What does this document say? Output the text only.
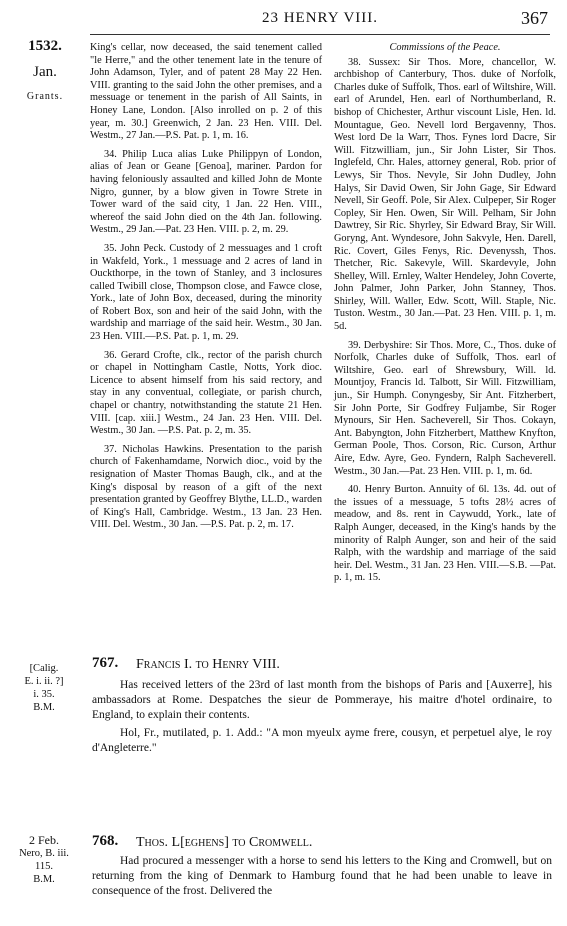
23 HENRY VIII.	367
1532.
Jan.
Grants.

King's cellar, now deceased, the said tenement called "le Herre," and the other tenement late in the tenure of John Adamson, Tyler, and of patent 28 May 22 Hen. VIII. granting to the said John the other premises, and a messuage or tenement in the parish of All Saints, in Honey Lane, London. [Also inrolled on p. 2 of this year, m. 30.] Greenwich, 2 Jan. 23 Hen. VIII. Del. Westm., 27 Jan.—P.S. Pat. p. 1, m. 16.

34. Philip Luca alias Luke Philippyn of London, alias of Jean or Geane [Genoa], mariner. Pardon for having feloniously assaulted and killed John de Monte Nigro, gunner, by a blow given in Towre Strete in Tower ward of the said city, 1 Jan. 22 Hen. VIII., whereof the said John died on the 4th Jan. following. Westm., 29 Jan.—Pat. 23 Hen. VIII. p. 2, m. 29.

35. John Peck. Custody of 2 messuages and 1 croft in Wakfeld, York., 1 messuage and 2 acres of land in Ouckthorpe, in the town of Stanley, and 3 inclosures called Twibill close, Thompson close, and Fawce close, York., late of John Box, deceased, during the minority of Robert Box, son and heir of the said John, with the wardship and marriage of the said heir. Westm., 30 Jan. 23 Hen. VIII.—P.S. Pat. p. 1, m. 29.

36. Gerard Crofte, clk., rector of the parish church or chapel in Nottingham Castle, Notts, York dioc. Licence to absent himself from his said rectory, and stay in any conventual, collegiate, or parish church, chapel or chantry, notwithstanding the statute 21 Hen. VIII. [cap. xiii.] Westm., 24 Jan. 23 Hen. VIII. Del. Westm., 30 Jan. —P.S. Pat. p. 2, m. 35.

37. Nicholas Hawkins. Presentation to the parish church of Fakenhamdame, Norwich dioc., void by the resignation of Master Thomas Baugh, clk., and at the King's disposal by reason of a gift of the next presentation granted by Geoffrey Blythe, LL.D., warden of King's Hall, Cambridge. Westm., 13 Jan. 23 Hen. VIII. Del. Westm., 30 Jan. —P.S. Pat. p. 2, m. 17.

Commissions of the Peace.

38. Sussex: Sir Thos. More, chancellor, W. archbishop of Canterbury, Thos. duke of Norfolk, Charles duke of Suffolk, Thos. earl of Wiltshire, Will. earl of Arundel, Hen. earl of Northumberland, R. bishop of Chichester, Arthur viscount Lisle, Hen. ld. Mountague, Geo. Nevell lord Bergavenny, Thos. West lord De la Warr, Thos. Fynes lord Dacre, Sir Will. Fitzwilliam, jun., Sir John Lister, Sir Thos. Inglefeld, Chr. Hales, attorney general, Rob. prior of Lewys, Sir Thos. Nevyle, Sir John Dudley, John Halys, Sir David Owen, Sir John Gage, Sir Edward Nevell, Sir Geoff. Pole, Sir Alex. Culpeper, Sir Roger Copley, Sir Hen. Owen, Sir Will. Pelham, Sir John Dawtrey, Sir Ric. Shyrley, Sir Edward Bray, Sir Will. Goryng, Ant. Wyndesore, John Sakvyle, Hen. Darell, Ric. Covert, Giles Fenys, Ric. Devenyssh, Thos. Thetcher, Ric. Sakevyle, Will. Skardevyle, John Shelley, Will. Ernley, Walter Hendeley, John Coverte, John Palmer, John Parker, John Stanney, Thos. Shirley, Will. Waller, Edw. Scott, Will. Staple, Nic. Tuston. Westm., 30 Jan.—Pat. 23 Hen. VIII. p. 1, m. 5d.

39. Derbyshire: Sir Thos. More, C., Thos. duke of Norfolk, Charles duke of Suffolk, Thos. earl of Wiltshire, Geo. earl of Shrewsbury, Will. ld. Mountjoy, Francis ld. Talbott, Sir Will. Fitzwilliam, jun., Sir Humph. Conyngesby, Sir Ant. Fitzherbert, Sir John Porte, Sir Godfrey Fuljambe, Sir Roger Mynours, Sir Hen. Sacheverell, Sir Thos. Cokayn, Ant. Babyngton, John Fitzherbert, Matthew Knyfton, German Poole, Thos. Corson, Ric. Curson, Arthur Aire, Edw. Ayre, Geo. Fyndern, Ralph Sacheverell. Westm., 30 Jan.—Pat. 23 Hen. VIII. p. 1, m. 6d.

40. Henry Burton. Annuity of 6l. 13s. 4d. out of the issues of a messuage, 5 tofts 28½ acres of meadow, and 8s. rent in Caywudd, York., late of Ralph Aunger, deceased, in the King's hands by the minority of Ralph Aunger, son and heir of the said Ralph, with the wardship and marriage of the said heir. Del. Westm., 31 Jan. 23 Hen. VIII.—S.B. —Pat. p. 1, m. 15.

[Calig.
E. i. ii. ?]
i. 35.
B.M.
767. Francis I. to Henry VIII.

Has received letters of the 23rd of last month from the bishops of Paris and [Auxerre], his ambassadors at Rome. Despatches the sieur de Pommeraye, his maitre d'hotel ordinaire, to England, to explain their contents.

Hol, Fr., mutilated, p. 1. Add.: "A mon myeulx ayme frere, cousyn, et perpetuel alye, le roy d'Angleterre."

2 Feb.
Nero, B. iii.
115.
B.M.
768. Thos. L[eghens] to Cromwell.

Had procured a messenger with a horse to send his letters to the King and Cromwell, but on returning from the king of Denmark to Hamburg found that he had been unable to leave in consequence of the frost. Delivered the
